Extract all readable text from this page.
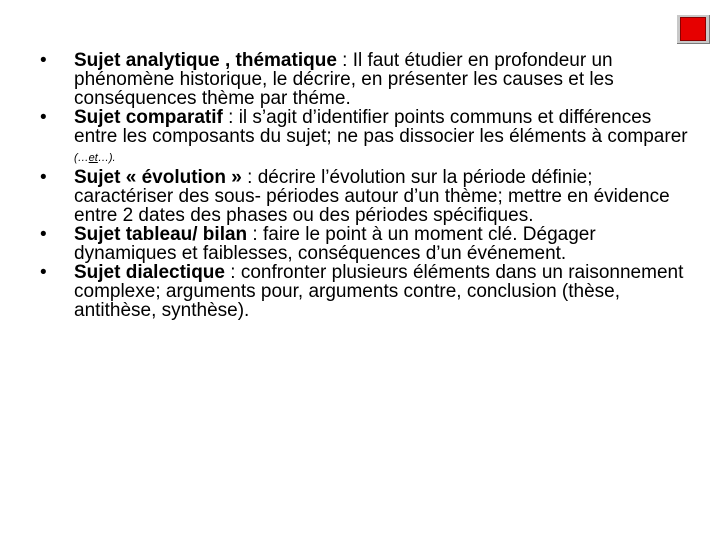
• Sujet analytique , thématique : Il faut étudier en profondeur un phénomène historique, le décrire, en présenter les causes et les conséquences thème par théme.
• Sujet comparatif : il s’agit d’identifier points communs et différences entre les composants du sujet; ne pas dissocier les éléments à comparer (…et…).
• Sujet « évolution » : décrire l’évolution sur la période définie; caractériser des sous- périodes autour d’un thème; mettre en évidence entre 2 dates des phases ou des périodes spécifiques.
• Sujet tableau/ bilan : faire le point à un moment clé. Dégager dynamiques et faiblesses, conséquences d’un événement.
• Sujet dialectique : confronter plusieurs éléments dans un raisonnement complexe; arguments pour, arguments contre, conclusion (thèse, antithèse, synthèse).
